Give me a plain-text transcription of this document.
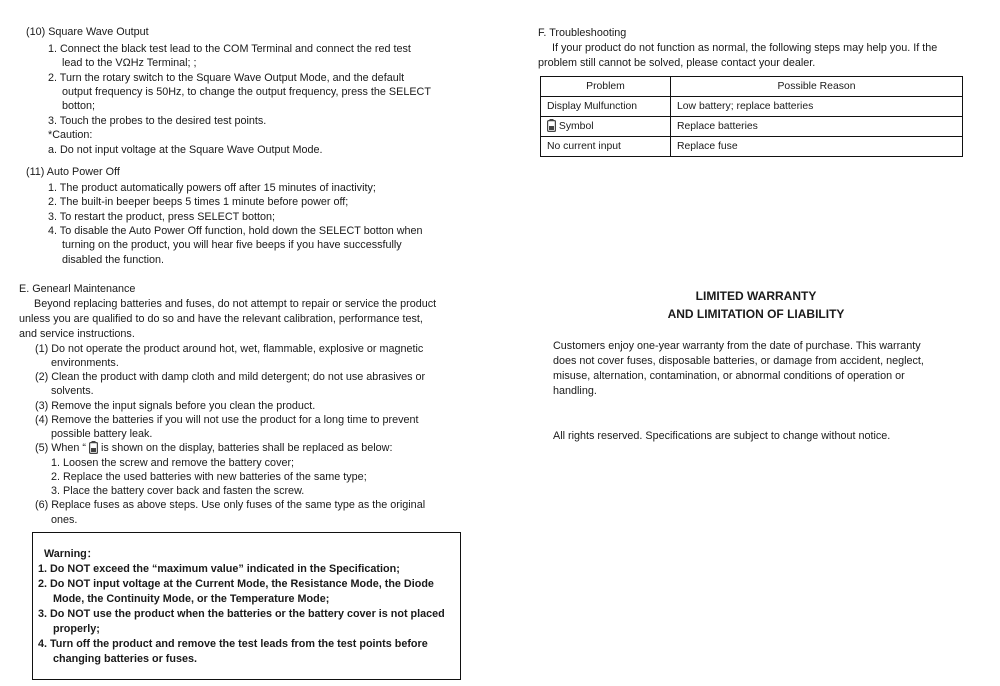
(10) Square Wave Output
1. Connect the black test lead to the COM Terminal and connect the red test
lead to the VΩHz Terminal; ;
2. Turn the rotary switch to the Square Wave Output Mode, and the default
output frequency is 50Hz, to change the output frequency, press the SELECT
botton;
3. Touch the probes to the desired test points.
*Caution:
a. Do not input voltage at the Square Wave Output Mode.
(11) Auto Power Off
1. The product automatically powers off after 15 minutes of inactivity;
2. The built-in beeper beeps 5 times 1 minute before power off;
3. To restart the product, press SELECT botton;
4. To disable the Auto Power Off function, hold down the SELECT botton when
turning on the product, you will hear five beeps if you have successfully
disabled the function.
E. Genearl Maintenance
Beyond replacing batteries and fuses, do not attempt to repair or service the product
unless you are qualified to do so and have the relevant calibration, performance test,
and service instructions.
(1) Do not operate the product around hot, wet, flammable, explosive or magnetic
environments.
(2) Clean the product with damp cloth and mild detergent; do not use abrasives or
solvents.
(3) Remove the input signals before you clean the product.
(4) Remove the batteries if you will not use the product for a long time to prevent
possible battery leak.
(5) When “ is shown on the display, batteries shall be replaced as below:
1. Loosen the screw and remove the battery cover;
2. Replace the used batteries with new batteries of the same type;
3. Place the battery cover back and fasten the screw.
(6) Replace fuses as above steps. Use only fuses of the same type as the original
ones.
Warning：
1. Do NOT exceed the “maximum value” indicated in the Specification;
2. Do NOT input voltage at the Current Mode, the Resistance Mode, the Diode
Mode, the Continuity Mode, or the Temperature Mode;
3. Do NOT use the product when the batteries or the battery cover is not placed
properly;
4. Turn off the product and remove the test leads from the test points before
changing batteries or fuses.
F. Troubleshooting
If your product do not function as normal, the following steps may help you. If the
problem still cannot be solved, please contact your dealer.
Problem	Possible Reason
Display Mulfunction	Low battery; replace batteries
Symbol	Replace batteries
No current input	Replace fuse
LIMITED WARRANTY
AND LIMITATION OF LIABILITY
Customers enjoy one-year warranty from the date of purchase. This warranty
does not cover fuses, disposable batteries, or damage from accident, neglect,
misuse, alternation, contamination, or abnormal conditions of operation or
handling.
All rights reserved. Specifications are subject to change without notice.
